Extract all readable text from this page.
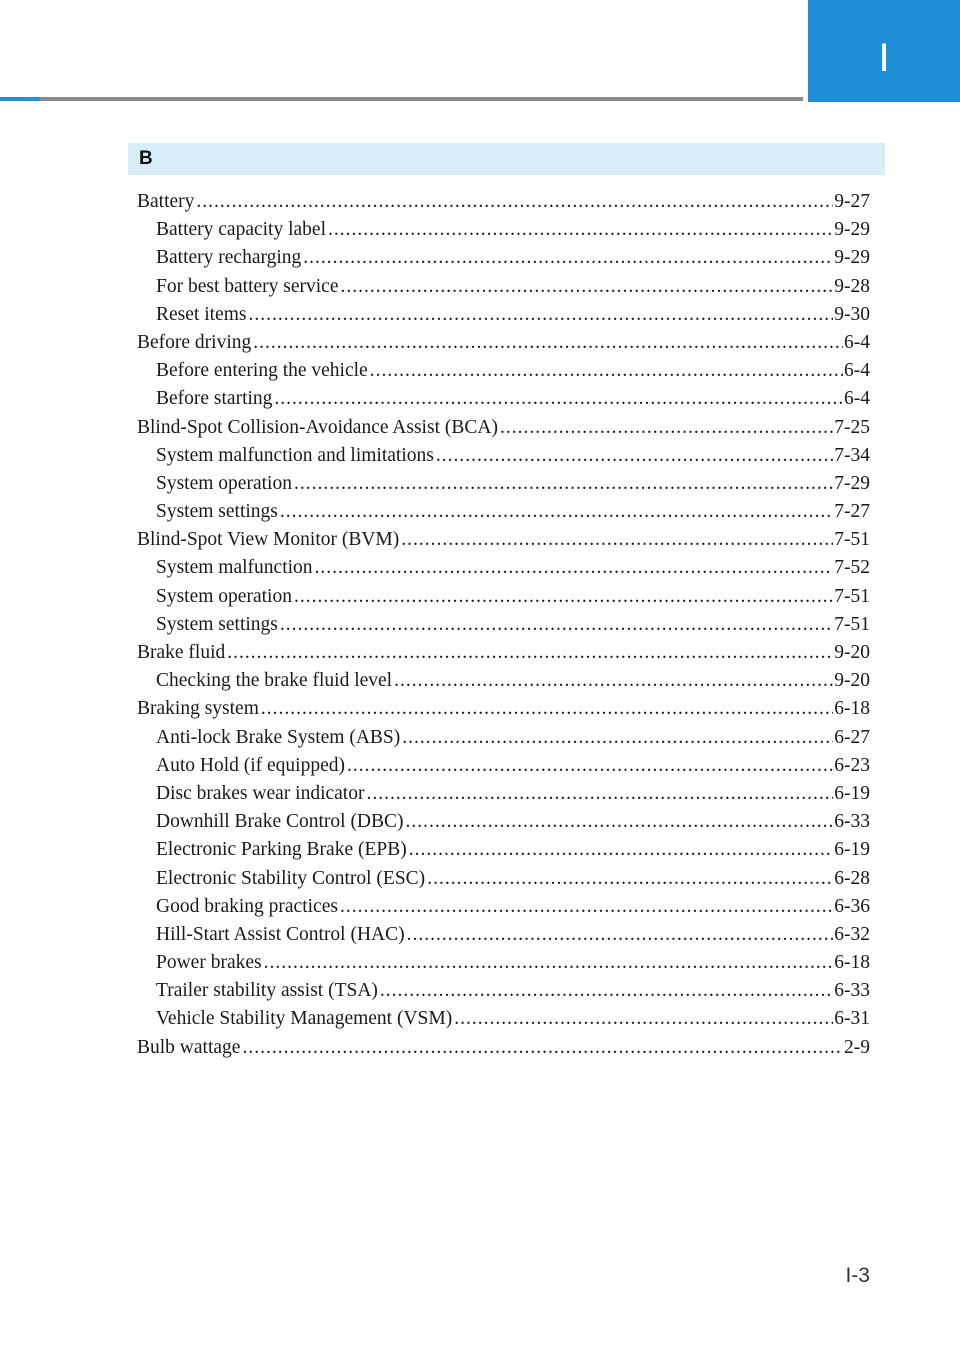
I
B
Battery .....	9-27
Battery capacity label .....	9-29
Battery recharging .....	9-29
For best battery service .....	9-28
Reset items .....	9-30
Before driving .....	6-4
Before entering the vehicle .....	6-4
Before starting .....	6-4
Blind-Spot Collision-Avoidance Assist (BCA) .....	7-25
System malfunction and limitations .....	7-34
System operation .....	7-29
System settings .....	7-27
Blind-Spot View Monitor (BVM) .....	7-51
System malfunction .....	7-52
System operation .....	7-51
System settings .....	7-51
Brake fluid .....	9-20
Checking the brake fluid level .....	9-20
Braking system .....	6-18
Anti-lock Brake System (ABS) .....	6-27
Auto Hold (if equipped) .....	6-23
Disc brakes wear indicator .....	6-19
Downhill Brake Control (DBC) .....	6-33
Electronic Parking Brake (EPB) .....	6-19
Electronic Stability Control (ESC) .....	6-28
Good braking practices .....	6-36
Hill-Start Assist Control (HAC) .....	6-32
Power brakes .....	6-18
Trailer stability assist (TSA) .....	6-33
Vehicle Stability Management (VSM) .....	6-31
Bulb wattage .....	2-9
I-3
